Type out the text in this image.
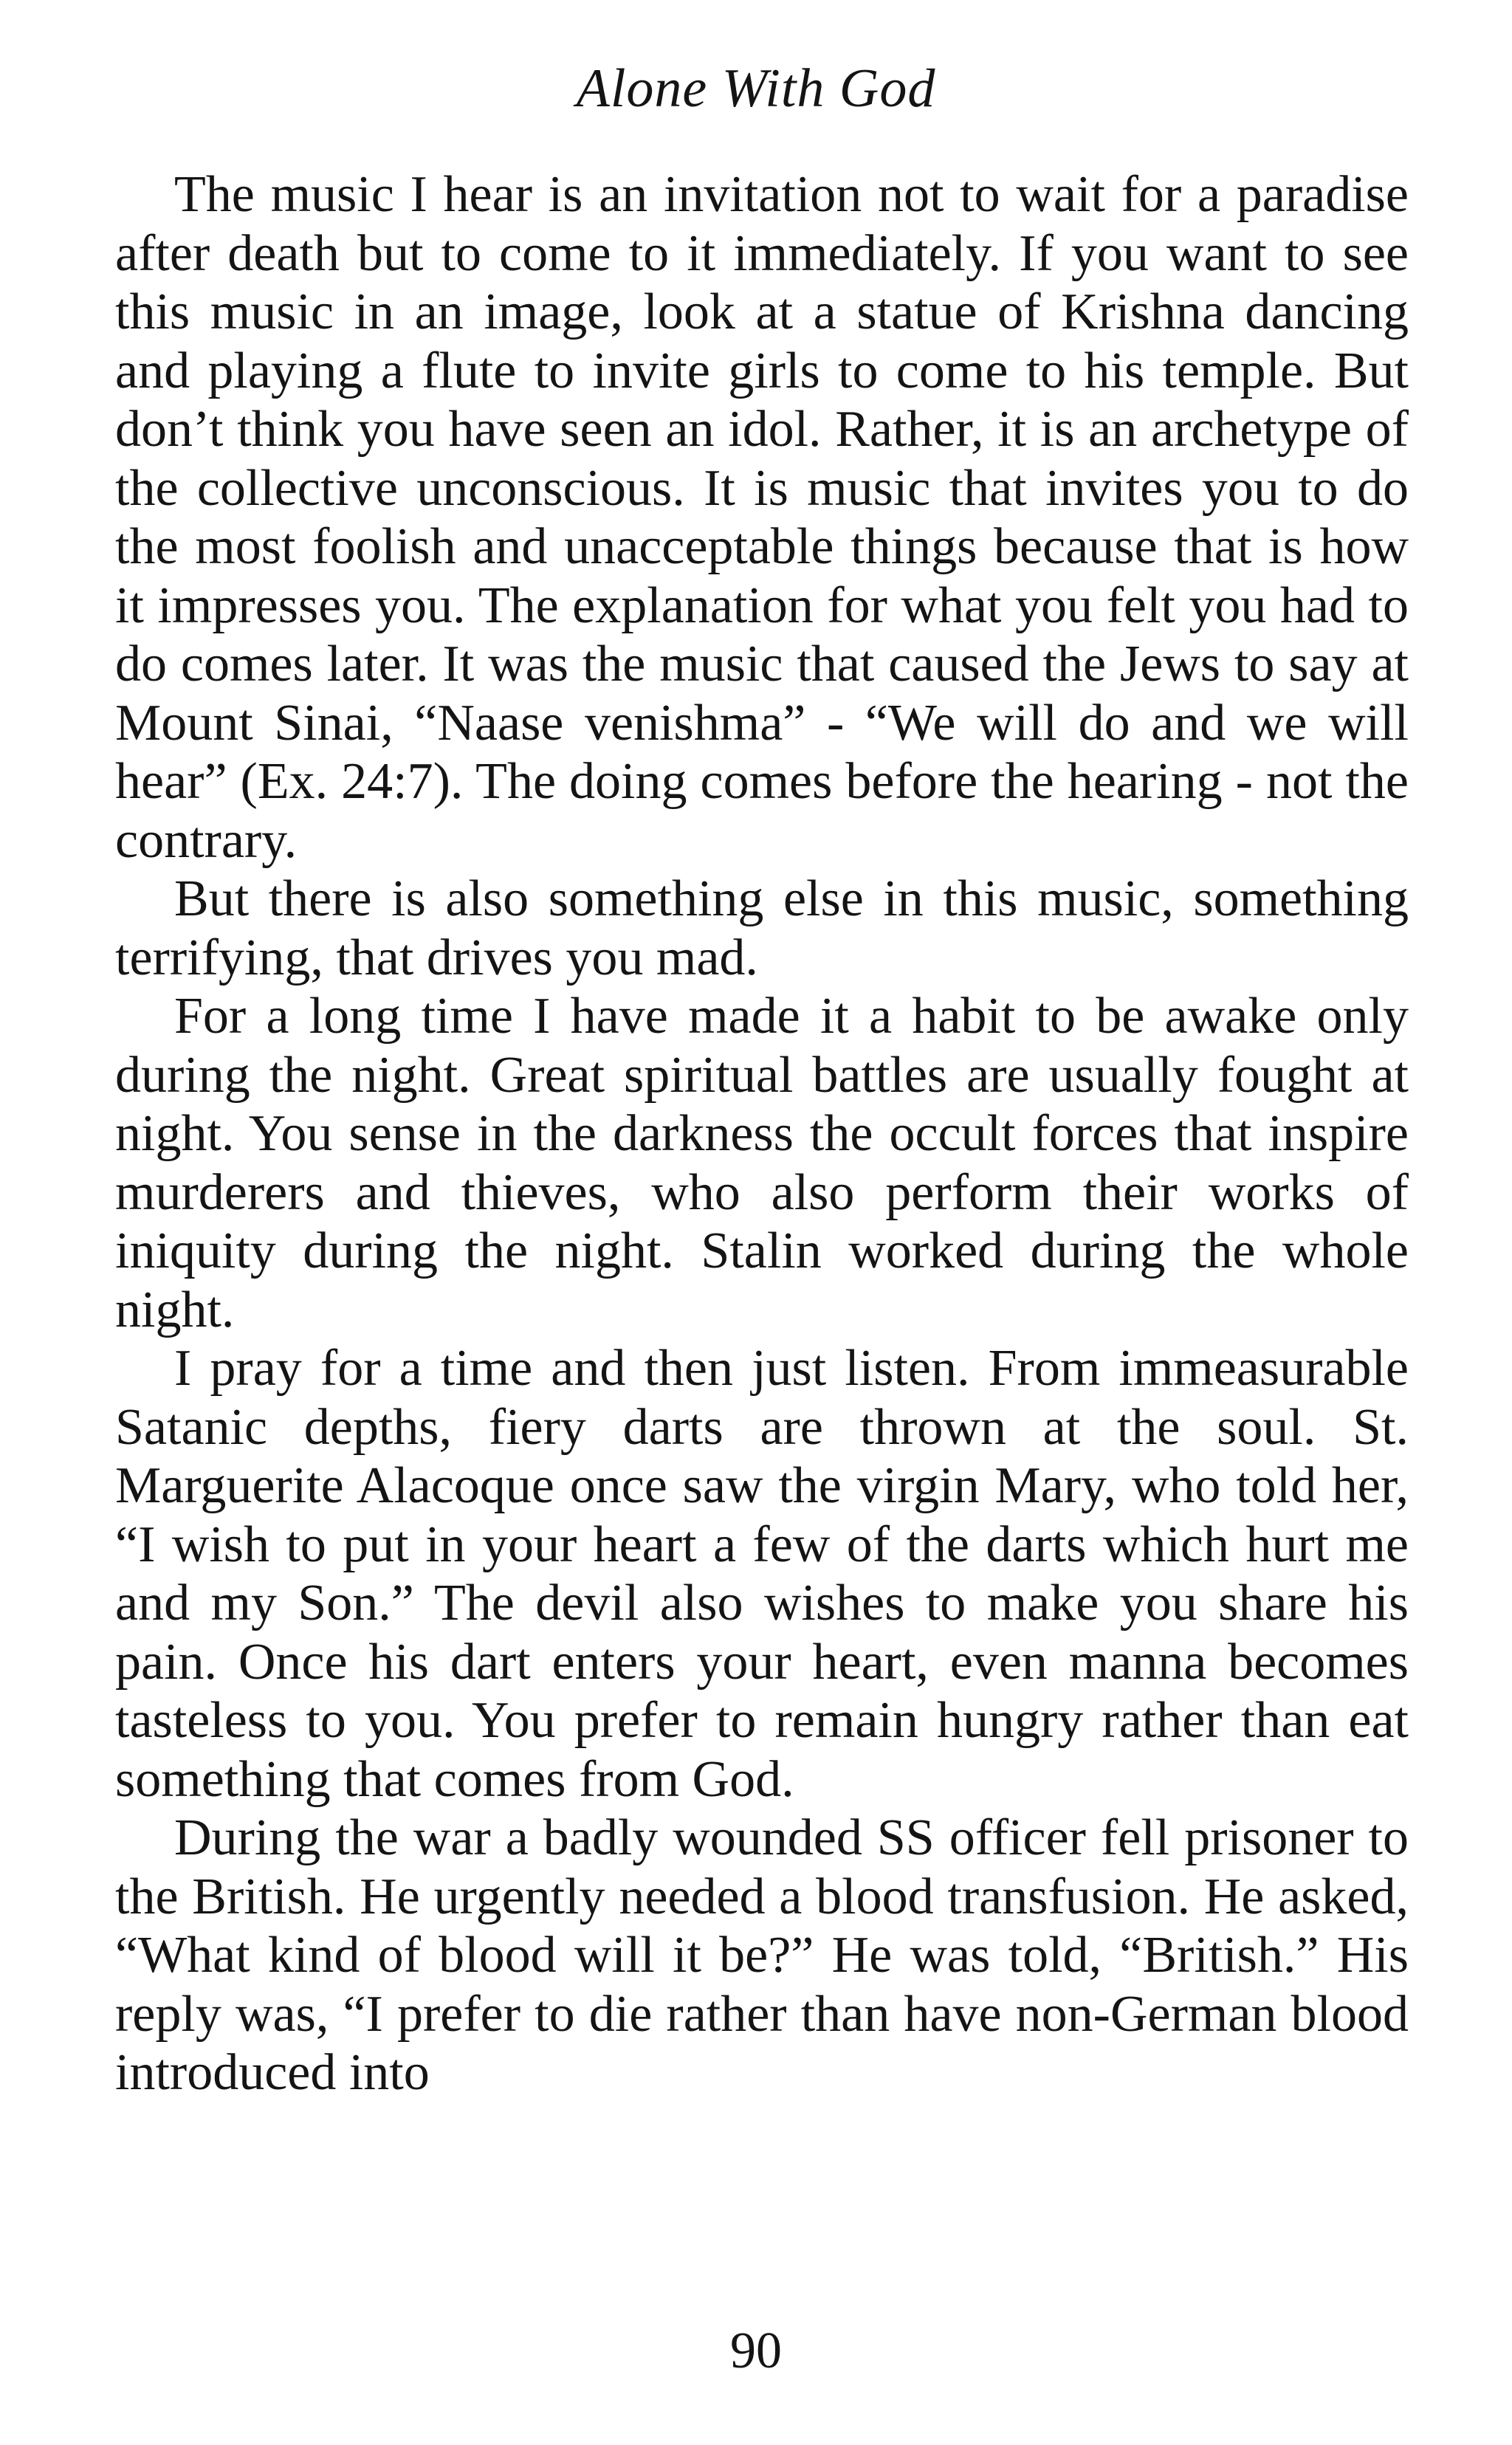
Alone With God

The music I hear is an invitation not to wait for a paradise after death but to come to it immediately. If you want to see this music in an image, look at a statue of Krishna dancing and playing a flute to invite girls to come to his temple. But don’t think you have seen an idol. Rather, it is an archetype of the collective unconscious. It is music that invites you to do the most foolish and unacceptable things because that is how it impresses you. The explanation for what you felt you had to do comes later. It was the music that caused the Jews to say at Mount Sinai, “Naase venishma” - “We will do and we will hear” (Ex. 24:7). The doing comes before the hearing - not the contrary.

But there is also something else in this music, something terrifying, that drives you mad.

For a long time I have made it a habit to be awake only during the night. Great spiritual battles are usually fought at night. You sense in the darkness the occult forces that inspire murderers and thieves, who also perform their works of iniquity during the night. Stalin worked during the whole night.

I pray for a time and then just listen. From immeasurable Satanic depths, fiery darts are thrown at the soul. St. Marguerite Alacoque once saw the virgin Mary, who told her, “I wish to put in your heart a few of the darts which hurt me and my Son.” The devil also wishes to make you share his pain. Once his dart enters your heart, even manna becomes tasteless to you. You prefer to remain hungry rather than eat something that comes from God.

During the war a badly wounded SS officer fell prisoner to the British. He urgently needed a blood transfusion. He asked, “What kind of blood will it be?” He was told, “British.” His reply was, “I prefer to die rather than have non-German blood introduced into

90
